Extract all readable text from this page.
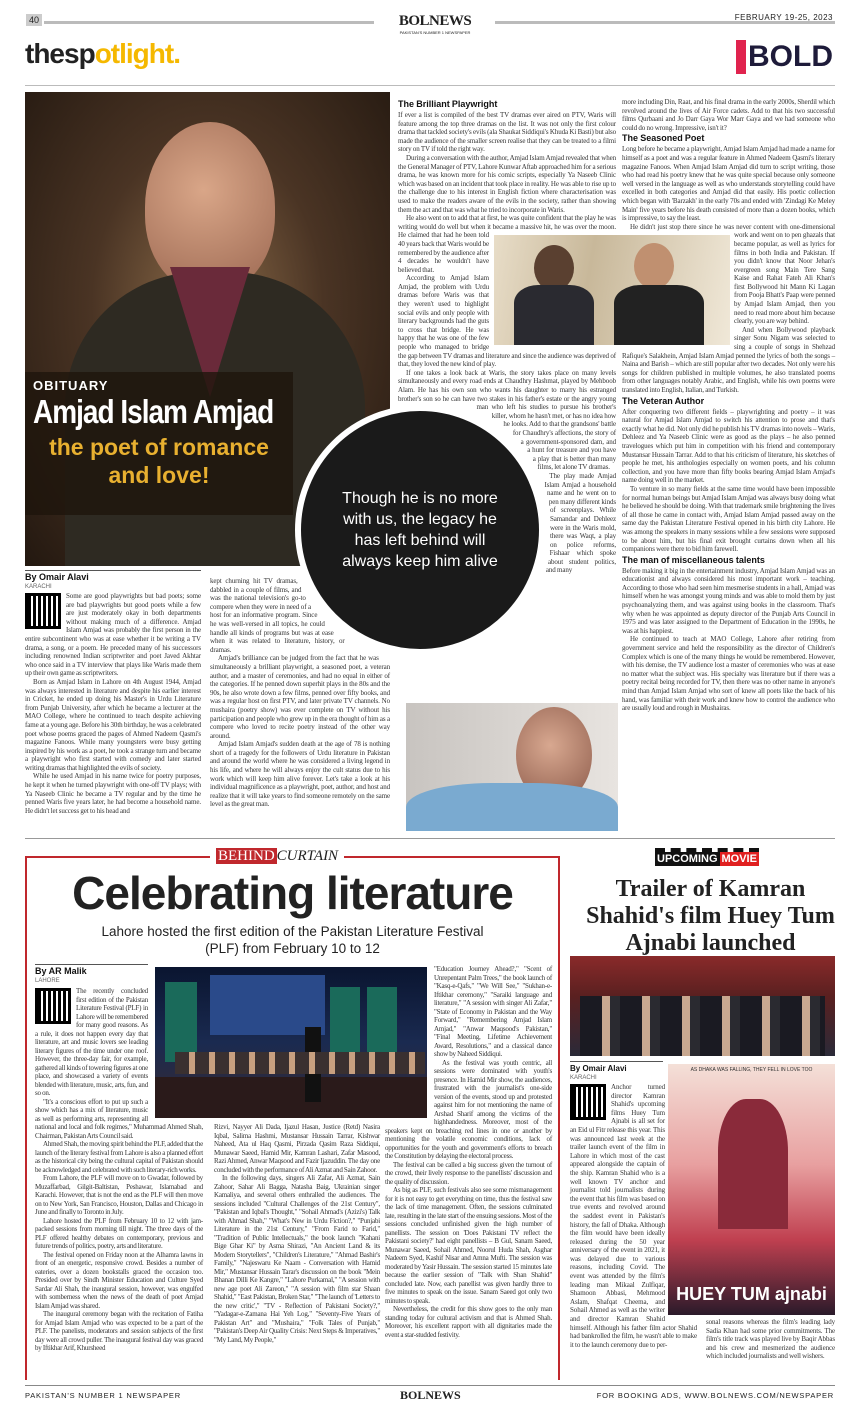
40	BOLNEWS
PAKISTAN'S NUMBER 1 NEWSPAPER
FEBRUARY 19-25, 2023
thespotlight.	BOLD
OBITUARY
Amjad Islam Amjad
the poet of romance and love!
By Omair Alavi
KARACHI

Some are good playwrights but bad poets; some are bad playwrights but good poets while a few are just moderately okay in both departments without making much of a difference. Amjad Islam Amjad was probably the first person in the entire subcontinent who was at ease whether it be writing a TV drama, a song, or a poem. He preceded many of his successors including renowned Indian scriptwriter and poet Javed Akhtar who once said in a TV interview that plays like Waris made them up their own game as scriptwriters.

Born as Amjad Islam in Lahore on 4th August 1944, Amjad was always interested in literature and despite his earlier interest in Cricket, he ended up doing his Master's in Urdu Literature from Punjab University, after which he became a lecturer at the MAO College, where he continued to teach despite achieving fame at a young age. Before his 30th birthday, he was a celebrated poet whose poems graced the pages of Ahmed Nadeem Qasmi's magazine Fanoos. While many youngsters were busy getting inspired by his work as a poet, he took a strange turn and became a playwright who first started with comedy and later started writing dramas that highlighted the evils of society.

While he used Amjad in his name twice for poetry purposes, he kept it when he turned playwright with one-off TV plays; with Ya Naseeb Clinic he became a TV regular and by the time he penned Waris five years later, he had become a household name. He didn't let success get to his head and

kept churning hit TV dramas, dabbled in a couple of films, and was the national television's go-to compere when they were in need of a host for an informative program. Since he was well-versed in all topics, he could handle all kinds of programs but was at ease when it was related to literature, history, or dramas.

Amjad's brilliance can be judged from the fact that he was simultaneously a brilliant playwright, a seasoned poet, a veteran author, and a master of ceremonies, and had no equal in either of the categories. If he penned down superhit plays in the 80s and the 90s, he also wrote down a few films, penned over fifty books, and was a regular host on first PTV, and later private TV channels. No mushaira (poetry show) was ever complete on TV without his participation and people who grew up in the era thought of him as a compere who loved to recite poetry instead of the other way around.

Amjad Islam Amjad's sudden death at the age of 78 is nothing short of a tragedy for the followers of Urdu literature in Pakistan and around the world where he was considered a living legend in his life, and where he will always enjoy the cult status due to his work which will keep him alive forever. Let's take a look at his individual magnificence as a playwright, poet, author, and host and realize that it will take years to find someone remotely on the same level as the great man.

The Brilliant Playwright

If ever a list is compiled of the best TV dramas ever aired on PTV, Waris will feature among the top three dramas on the list. It was not only the first colour drama that tackled society's evils (ala Shaukat Siddiqui's Khuda Ki Basti) but also made the audience of the smaller screen realise that they can be treated to a filmi story on TV if told the right way.

During a conversation with the author, Amjad Islam Amjad revealed that when the General Manager of PTV, Lahore Kunwar Aftab approached him for a serious drama, he was known more for his comic scripts, especially Ya Naseeb Clinic which was based on an incident that took place in reality. He was able to rise up to the challenge due to his interest in English fiction where characterisation was used to make the readers aware of the evils in the society, rather than showing them the act and that was what he tried to incorporate in Waris.

He also went on to add that at first, he was quite confident that the play he was writing would do well but when it became a massive hit, he was over the moon. He claimed that had he been told 40 years back that Waris would be remembered by the audience after 4 decades he wouldn't have believed that.

According to Amjad Islam Amjad, the problem with Urdu dramas before Waris was that they weren't used to highlight social evils and only people with literary backgrounds had the guts to cross that bridge. He was happy that he was one of the few people who managed to bridge the gap between TV dramas and literature and since the audience was deprived of that, they loved the new kind of play.

If one takes a look back at Waris, the story takes place on many levels simultaneously and every road ends at Chaudhry Hashmat, played by Mehboob Alam. He has his own son who wants his daughter to marry his estranged brother's son so he can have two stakes in his father's estate or the angry young man who left his studies to pursue his brother's killer, whom he hasn't met, or has no idea how he looks. Add to that the grandsons' battle for Chaudhry's affections, the story of a government-sponsored dam, and a hunt for treasure and you have a play that is better than many films, let alone TV dramas.

The play made Amjad Islam Amjad a household name and he went on to pen many different kinds of screenplays. While Samandar and Dehleez were in the Waris mold, there was Waqt, a play on police reforms, Fishaar which spoke about student politics, and many

Though he is no more with us, the legacy he has left behind will always keep him alive

more including Din, Raat, and his final drama in the early 2000s, Sherdil which revolved around the lives of Air Force cadets. Add to that his two successful films Qurbaani and Jo Darr Gaya Wor Marr Gaya and we had someone who could do no wrong. Impressive, isn't it?

The Seasoned Poet

Long before he became a playwright, Amjad Islam Amjad had made a name for himself as a poet and was a regular feature in Ahmed Nadeem Qasmi's literary magazine Fanoos. When Amjad Islam Amjad did turn to script writing, those who had read his poetry knew that he was quite special because only someone well versed in the language as well as who understands storytelling could have excelled in both categories and Amjad did that easily. His poetic collection which began with 'Barzakh' in the early 70s and ended with 'Zindagi Ke Meley Main' five years before his death consisted of more than a dozen books, which is impressive, to say the least.

He didn't just stop there since he was never content with one-dimensional work and went on to pen ghazals that became popular, as well as lyrics for films in both India and Pakistan. If you didn't know that Noor Jehan's evergreen song Main Tere Sang Kaise and Rahat Fateh Ali Khan's first Bollywood hit Mann Ki Lagan from Pooja Bhatt's Paap were penned by Amjad Islam Amjad, then you need to read more about him because clearly, you are way behind.

And when Bollywood playback singer Sonu Nigam was selected to sing a couple of songs in Shehzad Rafique's Salakhein, Amjad Islam Amjad penned the lyrics of both the songs – Naina and Barish – which are still popular after two decades. Not only were his songs for children published in multiple volumes, he also translated poems from other languages notably Arabic, and English, while his own poems were translated into English, Italian, and Turkish.

The Veteran Author

After conquering two different fields – playwrighting and poetry – it was natural for Amjad Islam Amjad to switch his attention to prose and that's exactly what he did. Not only did he publish his TV dramas into novels – Waris, Dehleez and Ya Naseeb Clinic were as good as the plays – he also penned travelogues which put him in competition with his friend and contemporary Mustansar Hussain Tarrar. Add to that his criticism of literature, his sketches of people he met, his anthologies especially on women poets, and his column collection, and you have more than fifty books bearing Amjad Islam Amjad's name doing well in the market.

To venture in so many fields at the same time would have been impossible for normal human beings but Amjad Islam Amjad was always busy doing what he believed he should be doing. With that trademark smile brightening the lives of all those he came in contact with, Amjad Islam Amjad passed away on the same day the Pakistan Literature Festival opened in his birth city Lahore. He was among the speakers in many sessions while a few sessions were supposed to be about him, but his final exit brought curtains down when all his companions were there to bid him farewell.

The man of miscellaneous talents

Before making it big in the entertainment industry, Amjad Islam Amjad was an educationist and always considered his most important work – teaching. According to those who had seen him mesmerise students in a hall, Amjad was himself when he was amongst young minds and was able to mold them by just psychoanalyzing them, and was against using books in the classroom. That's why when he was appointed as deputy director of the Punjab Arts Council in 1975 and was later assigned to the Department of Education in the 1990s, he was at his happiest.

He continued to teach at MAO College, Lahore after retiring from government service and held the responsibility as the director of Children's Complex which is one of the many things he would be remembered. However, with his demise, the TV audience lost a master of ceremonies who was at ease no matter what the subject was. His specialty was literature but if there was a poetry recital being recorded for TV, then there was no other name in anyone's mind than Amjad Islam Amjad who sort of knew all poets like the back of his hand, was familiar with their work and knew how to control the audience who are usually loud and rough in Mushairas.

BEHIND CURTAIN
Celebrating literature
Lahore hosted the first edition of the Pakistan Literature Festival (PLF) from February 10 to 12
By AR Malik
LAHORE

The recently concluded first edition of the Pakistan Literature Festival (PLF) in Lahore will be remembered for many good reasons. As a rule, it does not happen every day that literature, art and music lovers see leading literary figures of the time under one roof. However, the three-day fair, for example, gathered all kinds of towering figures at one place, and showcased a variety of events blended with literature, music, arts, fun, and so on.

"It's a conscious effort to put up such a show which has a mix of literature, music as well as performing arts, representing all national and local and folk regimes," Muhammad Ahmed Shah, Chairman, Pakistan Arts Council said.

Ahmed Shah, the moving spirit behind the PLF, added that the launch of the literary festival from Lahore is also a planned effort as the historical city being the cultural capital of Pakistan should be acknowledged and celebrated with such literary-rich works.

From Lahore, the PLF will move on to Gwadar, followed by Muzaffarbad, Gilgit-Baltistan, Peshawar, Islamabad and Karachi. However, that is not the end as the PLF will then move on to New York, San Francisco, Houston, Dallas and Chicago in June and finally to Toronto in July.

Lahore hosted the PLF from February 10 to 12 with jam-packed sessions from morning till night. The three days of the PLF offered healthy debates on contemporary, previous and future trends of politics, poetry, arts and literature.

The festival opened on Friday noon at the Alhamra lawns in front of an energetic, responsive crowd. Besides a number of eateries, over a dozen bookstalls graced the occasion too. Presided over by Sindh Minister Education and Culture Syed Sardar Ali Shah, the inaugural session, however, was engulfed with somberness when the news of the death of poet Amjad Islam Amjad was shared.

The inaugural ceremony began with the recitation of Fatiha for Amjad Islam Amjad who was expected to be a part of the PLF. The panelists, moderators and session subjects of the first day were all crowd puller. The inaugural festival day was graced by Iftikhar Arif, Khursheed

Rizvi, Nayyer Ali Dada, Ijazul Hasan, Justice (Retd) Nasira Iqbal, Salima Hashmi, Mustansar Hussain Tarrar, Kishwar Naheed, Ata ul Haq Qasmi, Pirzada Qasim Raza Siddiqui, Munawar Saeed, Hamid Mir, Kamran Lashari, Zafar Masood, Razi Ahmed, Anwar Maqsood and Fazir Ijazuddin. The day one concluded with the performance of Ali Azmat and Sain Zahoor.

In the following days, singers Ali Zafar, Ali Azmat, Sain Zahoor, Sahar Ali Bagga, Natasha Baig, Ukrainian singer Kamaliya, and several others enthralled the audiences. The sessions included "Cultural Challenges of the 21st Century", "Pakistan and Iqbal's Thought," "Sohail Ahmad's (Azizi's) Talk with Ahmad Shah," "What's New in Urdu Fiction?," "Punjabi Literature in the 21st Century," "From Farid to Farid," "Tradition of Public Intellectuals," the book launch "Kahani Bige Ghar Ki" by Asma Shirazi, "An Ancient Land & its Modern Storytellers", "Children's Literature," "Ahmad Bashir's Family," "Najeswaru Ke Naam - Conversation with Hamid Mir," Mustansar Hussain Tarar's discussion on the book "Mein Bhanan Dilli Ke Kangre," "Lahore Purkamal," "A session with new age poet Ali Zareon," "A session with film star Shaan Shahid," "East Pakistan, Broken Star," "The launch of 'Letters to the new critic'," "TV - Reflection of Pakistani Society?," "Yadagar-e-Zamana Hai Yeh Log," "Seventy-Five Years of Pakistan Art" and "Mushaira," "Folk Tales of Punjab," "Pakistan's Deep Air Quality Crisis: Next Steps & Imperatives," "My Land, My People,"

"Education Journey Ahead?," "Scent of Unrepentant Palm Trees," the book launch of "Kasq-e-Qafs," "We Will See," "Sukhan-e-Iftikhar ceremony," "Saraiki language and literature," "A session with singer Ali Zafar," "State of Economy in Pakistan and the Way Forward," "Remembering Amjad Islam Amjad," "Anwar Maqsood's Pakistan," "Final Meeting, Lifetime Achievement Award, Resolutions," and a classical dance show by Naheed Siddiqui.

As the festival was youth centric, all sessions were dominated with youth's presence. In Hamid Mir show, the audiences, frustrated with the journalist's one-side version of the events, stood up and protested against him for not mentioning the name of Arshad Sharif among the victims of the highhandedness. Moreover, most of the speakers kept on breaching red lines in one or another by mentioning the volatile economic conditions, lack of opportunities for the youth and government's efforts to breach the Constitution by delaying the electoral process.

The festival can be called a big success given the turnout of the crowd, their lively response to the panellists' discussion and the quality of discussion.

As big as PLF, such festivals also see some mismanagement for it is not easy to get everything on time, thus the festival saw the lack of time management. Often, the sessions culminated late, resulting in the late start of the ensuing sessions. Most of the sessions concluded unfinished given the high number of panellists. The session on 'Does Pakistani TV reflect the Pakistani society?' had eight panellists – B Gul, Sanam Saeed, Munawar Saeed, Sohail Ahmed, Noorul Huda Shah, Asghar Nadeem Syed, Kashif Nisar and Amna Mufti. The session was moderated by Yasir Hussain. The session started 15 minutes late because the earlier session of "Talk with Shan Shahid" concluded late. Now, each panellist was given hardly three to five minutes to speak on the issue. Sanam Saeed got only two minutes to speak.

Nevertheless, the credit for this show goes to the only man standing today for cultural activism and that is Ahmed Shah. Moreover, his excellent rapport with all dignitaries made the event a star-studded festivity.

UPCOMING MOVIE
Trailer of Kamran Shahid's film Huey Tum Ajnabi launched
By Omair Alavi
KARACHI

Anchor turned director Kamran Shahid's upcoming films Huey Tum Ajnabi is all set for an Eid ul Fitr release this year. This was announced last week at the trailer launch event of the film in Lahore in which most of the cast appeared alongside the captain of the ship. Kamran Shahid who is a well known TV anchor and journalist told journalists during the event that his film was based on true events and revolved around the saddest event in Pakistan's history, the fall of Dhaka. Although the film would have been ideally released during the 50 year anniversary of the event in 2021, it was delayed due to various reasons, including Covid. The event was attended by the film's leading man Mikaal Zulfiqar, Shamoon Abbasi, Mehmood Aslam, Shafqat Cheema, and Sohail Ahmed as well as the writer and director Kamran Shahid himself. Although his father film actor Shahid had bankrolled the film, he wasn't able to make it to the launch ceremony due to per-

AS DHAKA WAS FALLING, THEY FELL IN LOVE TOO
HUEY TUM ajnabi

sonal reasons whereas the film's leading lady Sadia Khan had some prior commitments. The film's title track was played live by Baqir Abbas and his crew and mesmerized the audience which included journalists and well wishers.

PAKISTAN'S NUMBER 1 NEWSPAPER	BOLNEWS	FOR BOOKING ADS, WWW.BOLNEWS.COM/NEWSPAPER
